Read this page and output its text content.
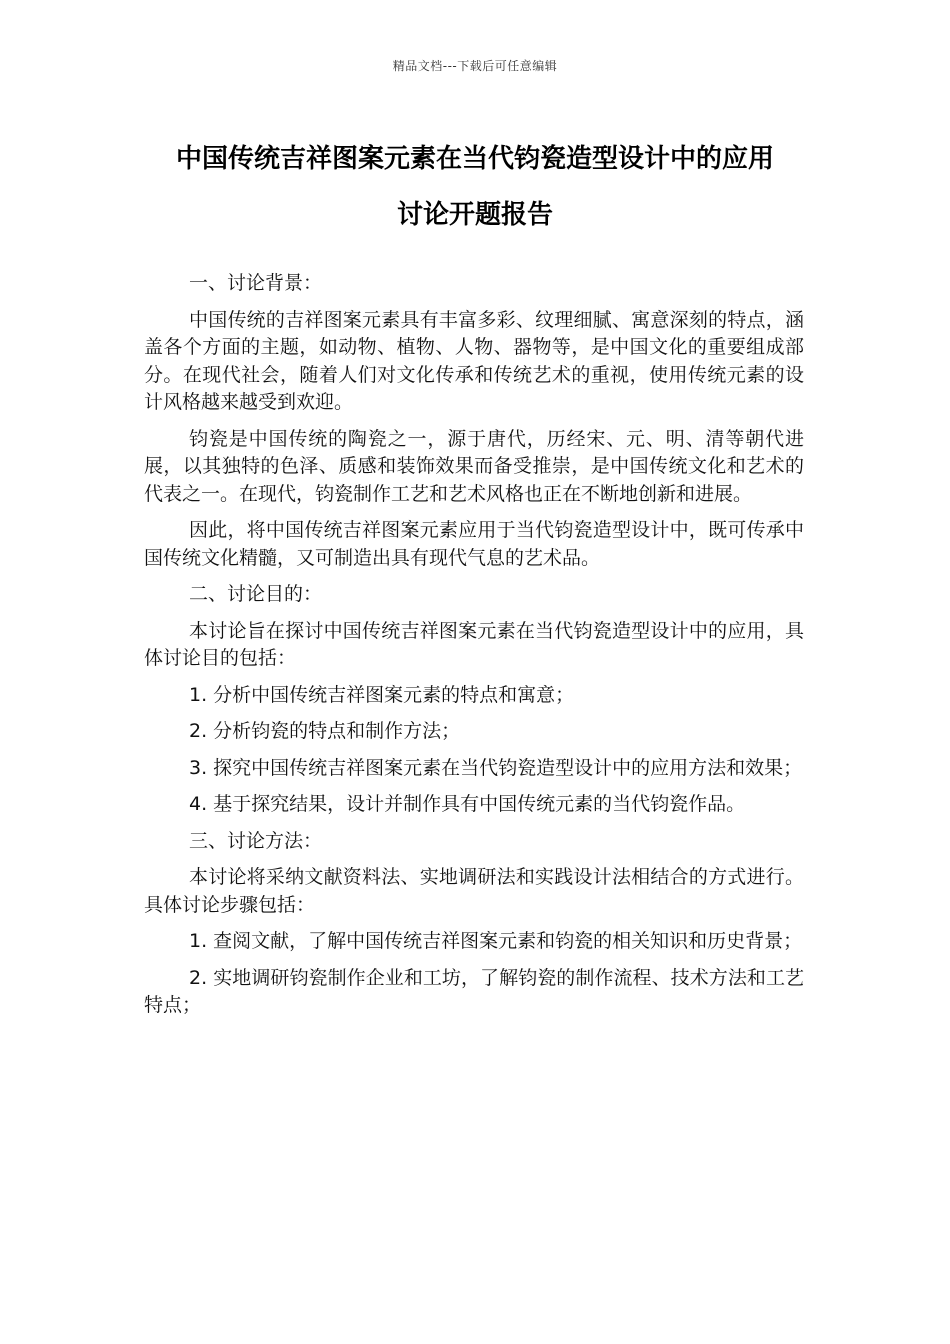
精品文档---下载后可任意编辑
中国传统吉祥图案元素在当代钧瓷造型设计中的应用
讨论开题报告

一、讨论背景：

中国传统的吉祥图案元素具有丰富多彩、纹理细腻、寓意深刻的特点，涵盖各个方面的主题，如动物、植物、人物、器物等，是中国文化的重要组成部分。在现代社会，随着人们对文化传承和传统艺术的重视，使用传统元素的设计风格越来越受到欢迎。

钧瓷是中国传统的陶瓷之一，源于唐代，历经宋、元、明、清等朝代进展，以其独特的色泽、质感和装饰效果而备受推崇，是中国传统文化和艺术的代表之一。在现代，钧瓷制作工艺和艺术风格也正在不断地创新和进展。

因此，将中国传统吉祥图案元素应用于当代钧瓷造型设计中，既可传承中国传统文化精髓，又可制造出具有现代气息的艺术品。

二、讨论目的：

本讨论旨在探讨中国传统吉祥图案元素在当代钧瓷造型设计中的应用，具体讨论目的包括：

1. 分析中国传统吉祥图案元素的特点和寓意；

2. 分析钧瓷的特点和制作方法；

3. 探究中国传统吉祥图案元素在当代钧瓷造型设计中的应用方法和效果；

4. 基于探究结果，设计并制作具有中国传统元素的当代钧瓷作品。

三、讨论方法：

本讨论将采纳文献资料法、实地调研法和实践设计法相结合的方式进行。具体讨论步骤包括：

1. 查阅文献，了解中国传统吉祥图案元素和钧瓷的相关知识和历史背景；

2. 实地调研钧瓷制作企业和工坊，了解钧瓷的制作流程、技术方法和工艺特点；
